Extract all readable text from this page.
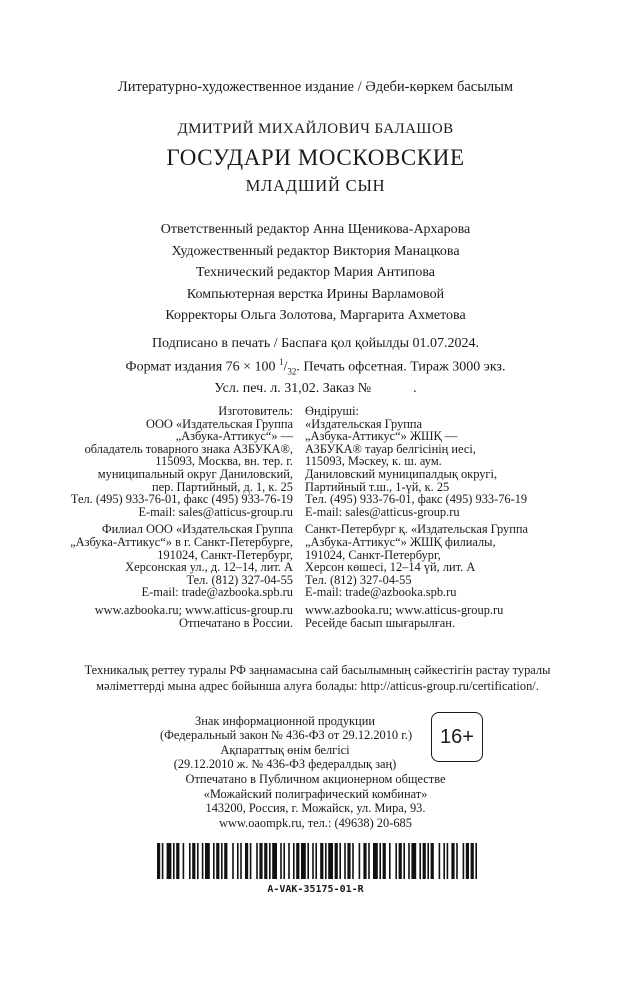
Литературно-художественное издание / Әдеби-көркем басылым
ДМИТРИЙ МИХАЙЛОВИЧ БАЛАШОВ
ГОСУДАРИ МОСКОВСКИЕ
МЛАДШИЙ СЫН
Ответственный редактор Анна Щеникова-Архарова
Художественный редактор Виктория Манацкова
Технический редактор Мария Антипова
Компьютерная верстка Ирины Варламовой
Корректоры Ольга Золотова, Маргарита Ахметова
Подписано в печать / Баспаға қол қойылды 01.07.2024.
Формат издания 76 × 100 $^1/_{32}$. Печать офсетная. Тираж 3000 экз.
Усл. печ. л. 31,02. Заказ №            .
Изготовитель:
ООО «Издательская Группа
„Азбука-Аттикус“» —
обладатель товарного знака АЗБУКА®,
115093, Москва, вн. тер. г.
муниципальный округ Даниловский,
пер. Партийный, д. 1, к. 25
Тел. (495) 933-76-01, факс (495) 933-76-19
E-mail: sales@atticus-group.ru
Филиал ООО «Издательская Группа
„Азбука-Аттикус“» в г. Санкт-Петербурге,
191024, Санкт-Петербург,
Херсонская ул., д. 12–14, лит. А
Тел. (812) 327-04-55
E-mail: trade@azbooka.spb.ru
www.azbooka.ru; www.atticus-group.ru
Отпечатано в России.
Өндіруші:
«Издательская Группа
„Азбука-Аттикус“» ЖШҚ —
АЗБУКА® тауар белгісінің иесі,
115093, Мәскеу, к. ш. аум.
Даниловский муниципалдық округі,
Партийный т.ш., 1-үй, к. 25
Тел. (495) 933-76-01, факс (495) 933-76-19
E-mail: sales@atticus-group.ru
Санкт-Петербург қ. «Издательская Группа
„Азбука-Аттикус“» ЖШҚ филиалы,
191024, Санкт-Петербург,
Херсон көшесі, 12–14 үй, лит. А
Тел. (812) 327-04-55
E-mail: trade@azbooka.spb.ru
www.azbooka.ru; www.atticus-group.ru
Ресейде басып шығарылған.
Техникалық реттеу туралы РФ заңнамасына сай басылымның сәйкестігін растау туралы
мәліметтерді мына адрес бойынша алуға болады: http://atticus-group.ru/certification/.
Знак информационной продукции
(Федеральный закон № 436-ФЗ от 29.12.2010 г.)
Ақпараттық өнім белгісі
(29.12.2010 ж. № 436-ФЗ федералдық заң)
16+
Отпечатано в Публичном акционерном обществе
«Можайский полиграфический комбинат»
143200, Россия, г. Можайск, ул. Мира, 93.
www.oaompk.ru, тел.: (49638) 20-685
A-VAK-35175-01-R
